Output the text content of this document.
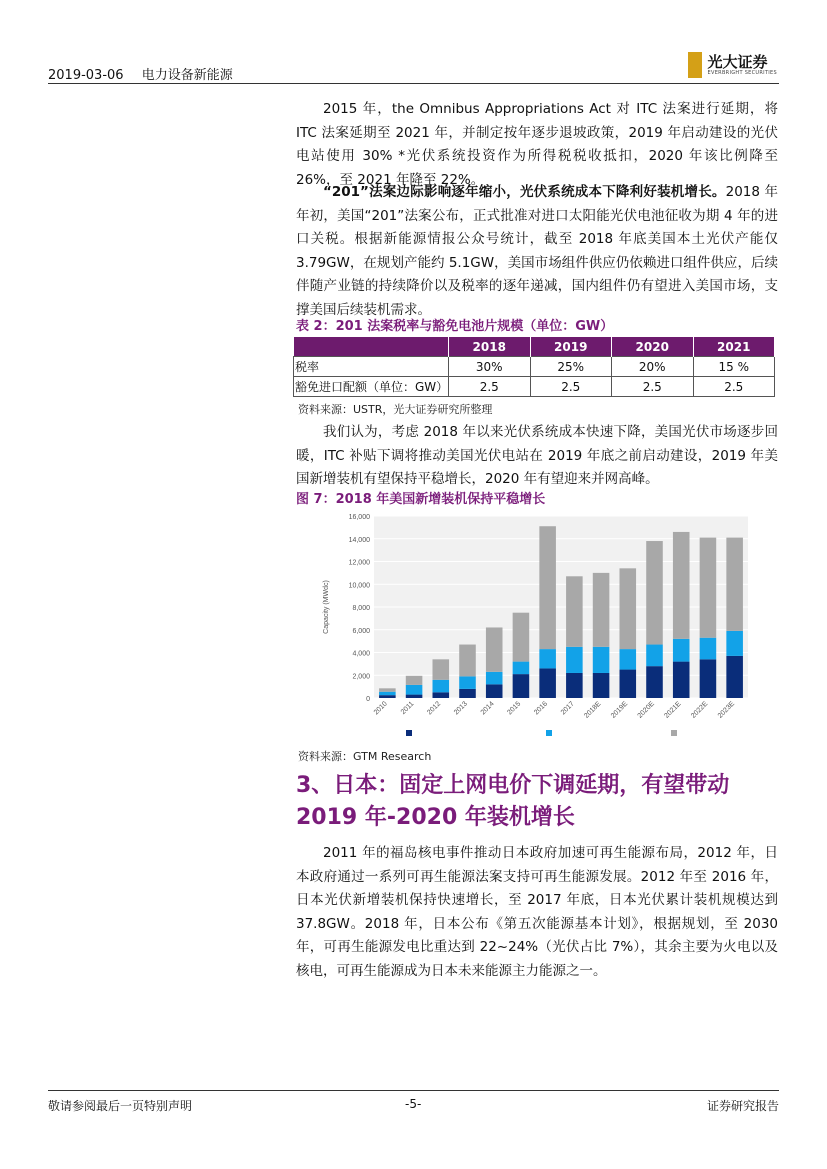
2019-03-06 电力设备新能源
光大证券
EVERBRIGHT SECURITIES
2015 年，the Omnibus Appropriations Act 对 ITC 法案进行延期，将 ITC 法案延期至 2021 年，并制定按年逐步退坡政策，2019 年启动建设的光伏电站使用 30% *光伏系统投资作为所得税税收抵扣，2020 年该比例降至 26%，至 2021 年降至 22%。
“201”法案边际影响逐年缩小，光伏系统成本下降利好装机增长。2018 年年初，美国“201”法案公布，正式批准对进口太阳能光伏电池征收为期 4 年的进口关税。根据新能源情报公众号统计，截至 2018 年底美国本土光伏产能仅 3.79GW，在规划产能约 5.1GW，美国市场组件供应仍依赖进口组件供应，后续伴随产业链的持续降价以及税率的逐年递减，国内组件仍有望进入美国市场，支撑美国后续装机需求。
表 2：201 法案税率与豁免电池片规模（单位：GW）
	2018	2019	2020	2021
税率	30%	25%	20%	15 %
豁免进口配额（单位：GW）	2.5	2.5	2.5	2.5
资料来源：USTR，光大证券研究所整理
我们认为，考虑 2018 年以来光伏系统成本快速下降，美国光伏市场逐步回暖，ITC 补贴下调将推动美国光伏电站在 2019 年底之前启动建设，2019 年美国新增装机有望保持平稳增长，2020 年有望迎来并网高峰。
图 7：2018 年美国新增装机保持平稳增长
0
2,000
4,000
6,000
8,000
10,000
12,000
14,000
16,000
Capacity (MWdc)
2010 2011 2012 2013 2014 2015 2016 2017 2018E 2019E 2020E 2021E 2022E 2023E
资料来源：GTM Research
3、日本：固定上网电价下调延期，有望带动 2019 年-2020 年装机增长
2011 年的福岛核电事件推动日本政府加速可再生能源布局，2012 年，日本政府通过一系列可再生能源法案支持可再生能源发展。2012 年至 2016 年，日本光伏新增装机保持快速增长，至 2017 年底，日本光伏累计装机规模达到 37.8GW。2018 年，日本公布《第五次能源基本计划》，根据规划，至 2030 年，可再生能源发电比重达到 22~24%（光伏占比 7%），其余主要为火电以及核电，可再生能源成为日本未来能源主力能源之一。
敬请参阅最后一页特别声明	-5-	证券研究报告
